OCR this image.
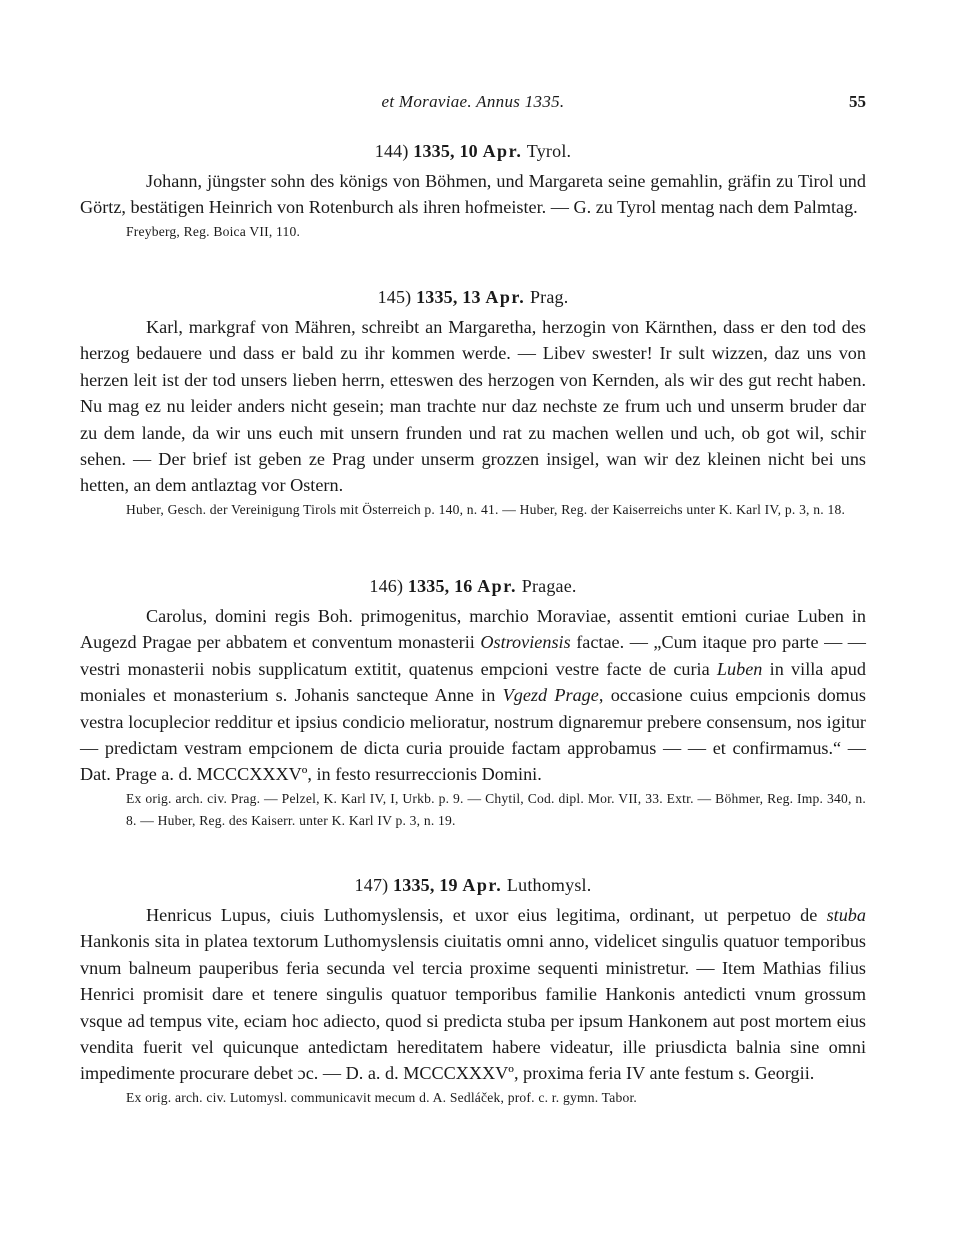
et Moraviae. Annus 1335.	55
144) 1335, 10 Apr. Tyrol.

Johann, jüngster sohn des königs von Böhmen, und Margareta seine gemahlin, gräfin zu Tirol und Görtz, bestätigen Heinrich von Rotenburch als ihren hofmeister. — G. zu Tyrol mentag nach dem Palmtag.

Freyberg, Reg. Boica VII, 110.
145) 1335, 13 Apr. Prag.

Karl, markgraf von Mähren, schreibt an Margaretha, herzogin von Kärnthen, dass er den tod des herzog bedauere und dass er bald zu ihr kommen werde. — Libev swester! Ir sult wizzen, daz uns von herzen leit ist der tod unsers lieben herrn, etteswen des herzogen von Kernden, als wir des gut recht haben. Nu mag ez nu leider anders nicht gesein; man trachte nur daz nechste ze frum uch und unserm bruder dar zu dem lande, da wir uns euch mit unsern frunden und rat zu machen wellen und uch, ob got wil, schir sehen. — Der brief ist geben ze Prag under unserm grozzen insigel, wan wir dez kleinen nicht bei uns hetten, an dem antlaztag vor Ostern.

Huber, Gesch. der Vereinigung Tirols mit Österreich p. 140, n. 41. — Huber, Reg. der Kaiserreichs unter K. Karl IV, p. 3, n. 18.
146) 1335, 16 Apr. Pragae.

Carolus, domini regis Boh. primogenitus, marchio Moraviae, assentit emtioni curiae Luben in Augezd Pragae per abbatem et conventum monasterii Ostroviensis factae. — „Cum itaque pro parte — — vestri monasterii nobis supplicatum extitit, quatenus empcioni vestre facte de curia Luben in villa apud moniales et monasterium s. Johanis sancteque Anne in Vgezd Prage, occasione cuius empcionis domus vestra locuplecior redditur et ipsius condicio melioratur, nostrum dignaremur prebere consensum, nos igitur — predictam vestram empcionem de dicta curia prouide factam approbamus — — et confirmamus.“ — Dat. Prage a. d. MCCCXXXVº, in festo resurreccionis Domini.

Ex orig. arch. civ. Prag. — Pelzel, K. Karl IV, I, Urkb. p. 9. — Chytil, Cod. dipl. Mor. VII, 33. Extr. — Böhmer, Reg. Imp. 340, n. 8. — Huber, Reg. des Kaiserr. unter K. Karl IV p. 3, n. 19.
147) 1335, 19 Apr. Luthomysl.

Henricus Lupus, ciuis Luthomyslensis, et uxor eius legitima, ordinant, ut perpetuo de stuba Hankonis sita in platea textorum Luthomyslensis ciuitatis omni anno, videlicet singulis quatuor temporibus vnum balneum pauperibus feria secunda vel tercia proxime sequenti ministretur. — Item Mathias filius Henrici promisit dare et tenere singulis quatuor temporibus familie Hankonis antedicti vnum grossum vsque ad tempus vite, eciam hoc adiecto, quod si predicta stuba per ipsum Hankonem aut post mortem eius vendita fuerit vel quicunque antedictam hereditatem habere videatur, ille priusdicta balnia sine omni impedimente procurare debet ɔc. — D. a. d. MCCCXXXVº, proxima feria IV ante festum s. Georgii.

Ex orig. arch. civ. Lutomysl. communicavit mecum d. A. Sedláček, prof. c. r. gymn. Tabor.
